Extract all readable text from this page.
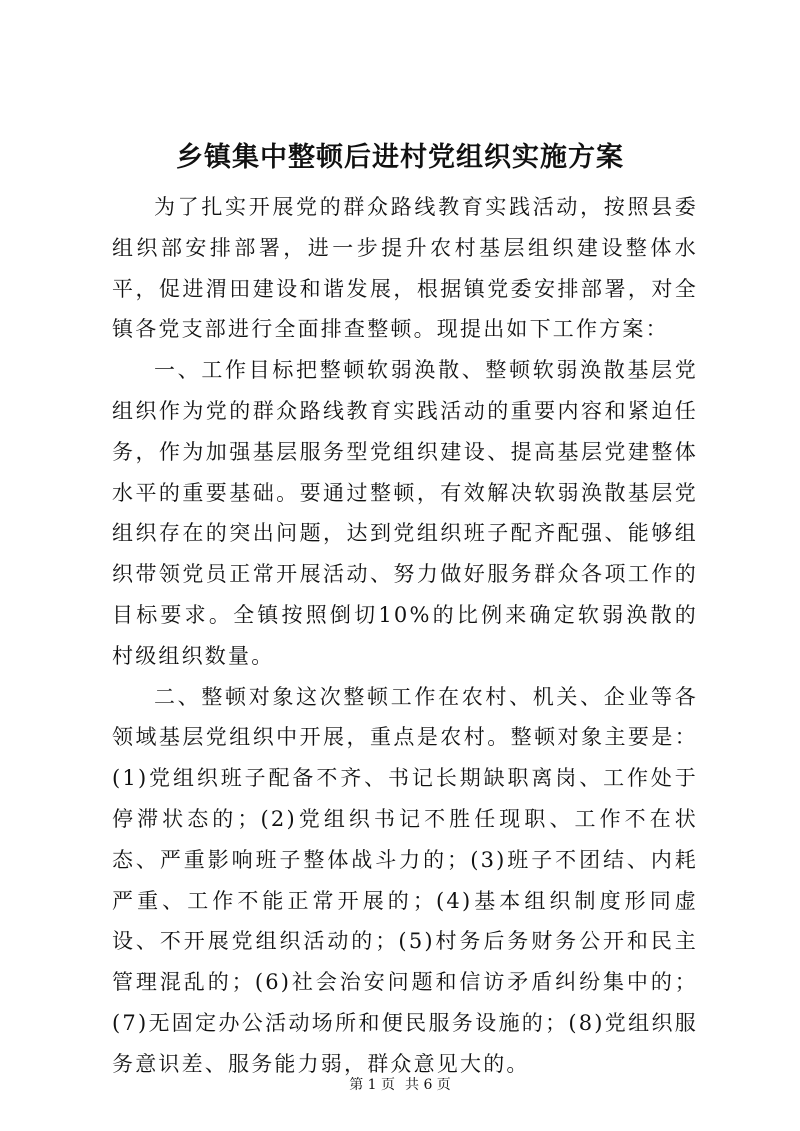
乡镇集中整顿后进村党组织实施方案

为了扎实开展党的群众路线教育实践活动，按照县委组织部安排部署，进一步提升农村基层组织建设整体水平，促进渭田建设和谐发展，根据镇党委安排部署，对全镇各党支部进行全面排查整顿。现提出如下工作方案：

一、工作目标把整顿软弱涣散、整顿软弱涣散基层党组织作为党的群众路线教育实践活动的重要内容和紧迫任务，作为加强基层服务型党组织建设、提高基层党建整体水平的重要基础。要通过整顿，有效解决软弱涣散基层党组织存在的突出问题，达到党组织班子配齐配强、能够组织带领党员正常开展活动、努力做好服务群众各项工作的目标要求。全镇按照倒切10%的比例来确定软弱涣散的村级组织数量。

二、整顿对象这次整顿工作在农村、机关、企业等各领域基层党组织中开展，重点是农村。整顿对象主要是：(1)党组织班子配备不齐、书记长期缺职离岗、工作处于停滞状态的；(2)党组织书记不胜任现职、工作不在状态、严重影响班子整体战斗力的；(3)班子不团结、内耗严重、工作不能正常开展的；(4)基本组织制度形同虚设、不开展党组织活动的；(5)村务后务财务公开和民主管理混乱的；(6)社会治安问题和信访矛盾纠纷集中的；(7)无固定办公活动场所和便民服务设施的；(8)党组织服务意识差、服务能力弱，群众意见大的。

第 1 页 共 6 页
